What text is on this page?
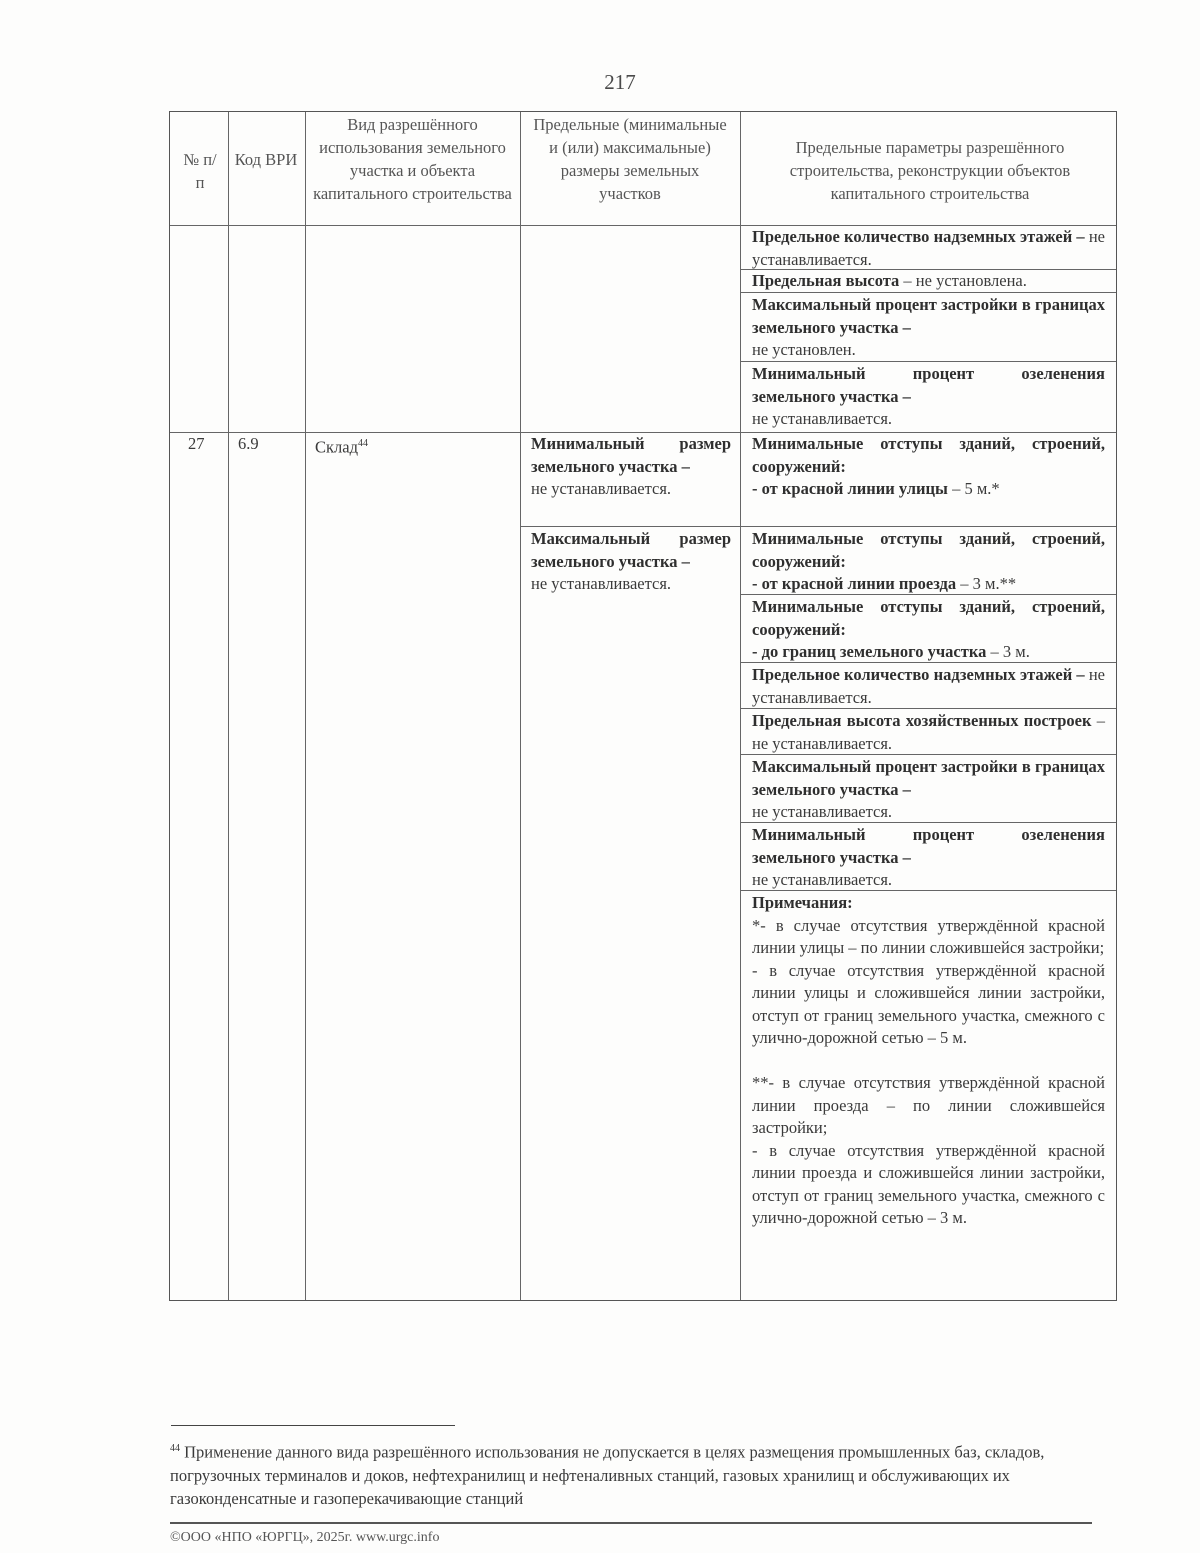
217
№ п/п
Код ВРИ
Вид разрешённого использования земельного участка и объекта капитального строительства
Предельные (минимальные и (или) максимальные) размеры земельных участков
Предельные параметры разрешённого строительства, реконструкции объектов капитального строительства
Предельное количество надземных этажей – не устанавливается.
Предельная высота – не установлена.
Максимальный процент застройки в границах земельного участка –
не установлен.
Минимальный процент озеленения земельного участка –
не устанавливается.
27 6.9	Склад$^{44}$	Минимальный размер земельного участка –
не устанавливается.
Максимальный размер земельного участка –
не устанавливается.
Минимальные отступы зданий, строений, сооружений:
- от красной линии улицы – 5 м.*
Минимальные отступы зданий, строений, сооружений:
- от красной линии проезда – 3 м.**
Минимальные отступы зданий, строений, сооружений:
- до границ земельного участка – 3 м.
Предельное количество надземных этажей – не устанавливается.
Предельная высота хозяйственных построек – не устанавливается.
Максимальный процент застройки в границах земельного участка –
не устанавливается.
Минимальный процент озеленения земельного участка –
не устанавливается.
Примечания:
*- в случае отсутствия утверждённой красной линии улицы – по линии сложившейся застройки;
- в случае отсутствия утверждённой красной линии улицы и сложившейся линии застройки, отступ от границ земельного участка, смежного с улично-дорожной сетью – 5 м.

**- в случае отсутствия утверждённой красной линии проезда – по линии сложившейся застройки;
- в случае отсутствия утверждённой красной линии проезда и сложившейся линии застройки, отступ от границ земельного участка, смежного с улично-дорожной сетью – 3 м.
$^{44}$ Применение данного вида разрешённого использования не допускается в целях размещения промышленных баз, складов, погрузочных терминалов и доков, нефтехранилищ и нефтеналивных станций, газовых хранилищ и обслуживающих их газоконденсатные и газоперекачивающие станций
©ООО «НПО «ЮРГЦ», 2025г. www.urgc.info
